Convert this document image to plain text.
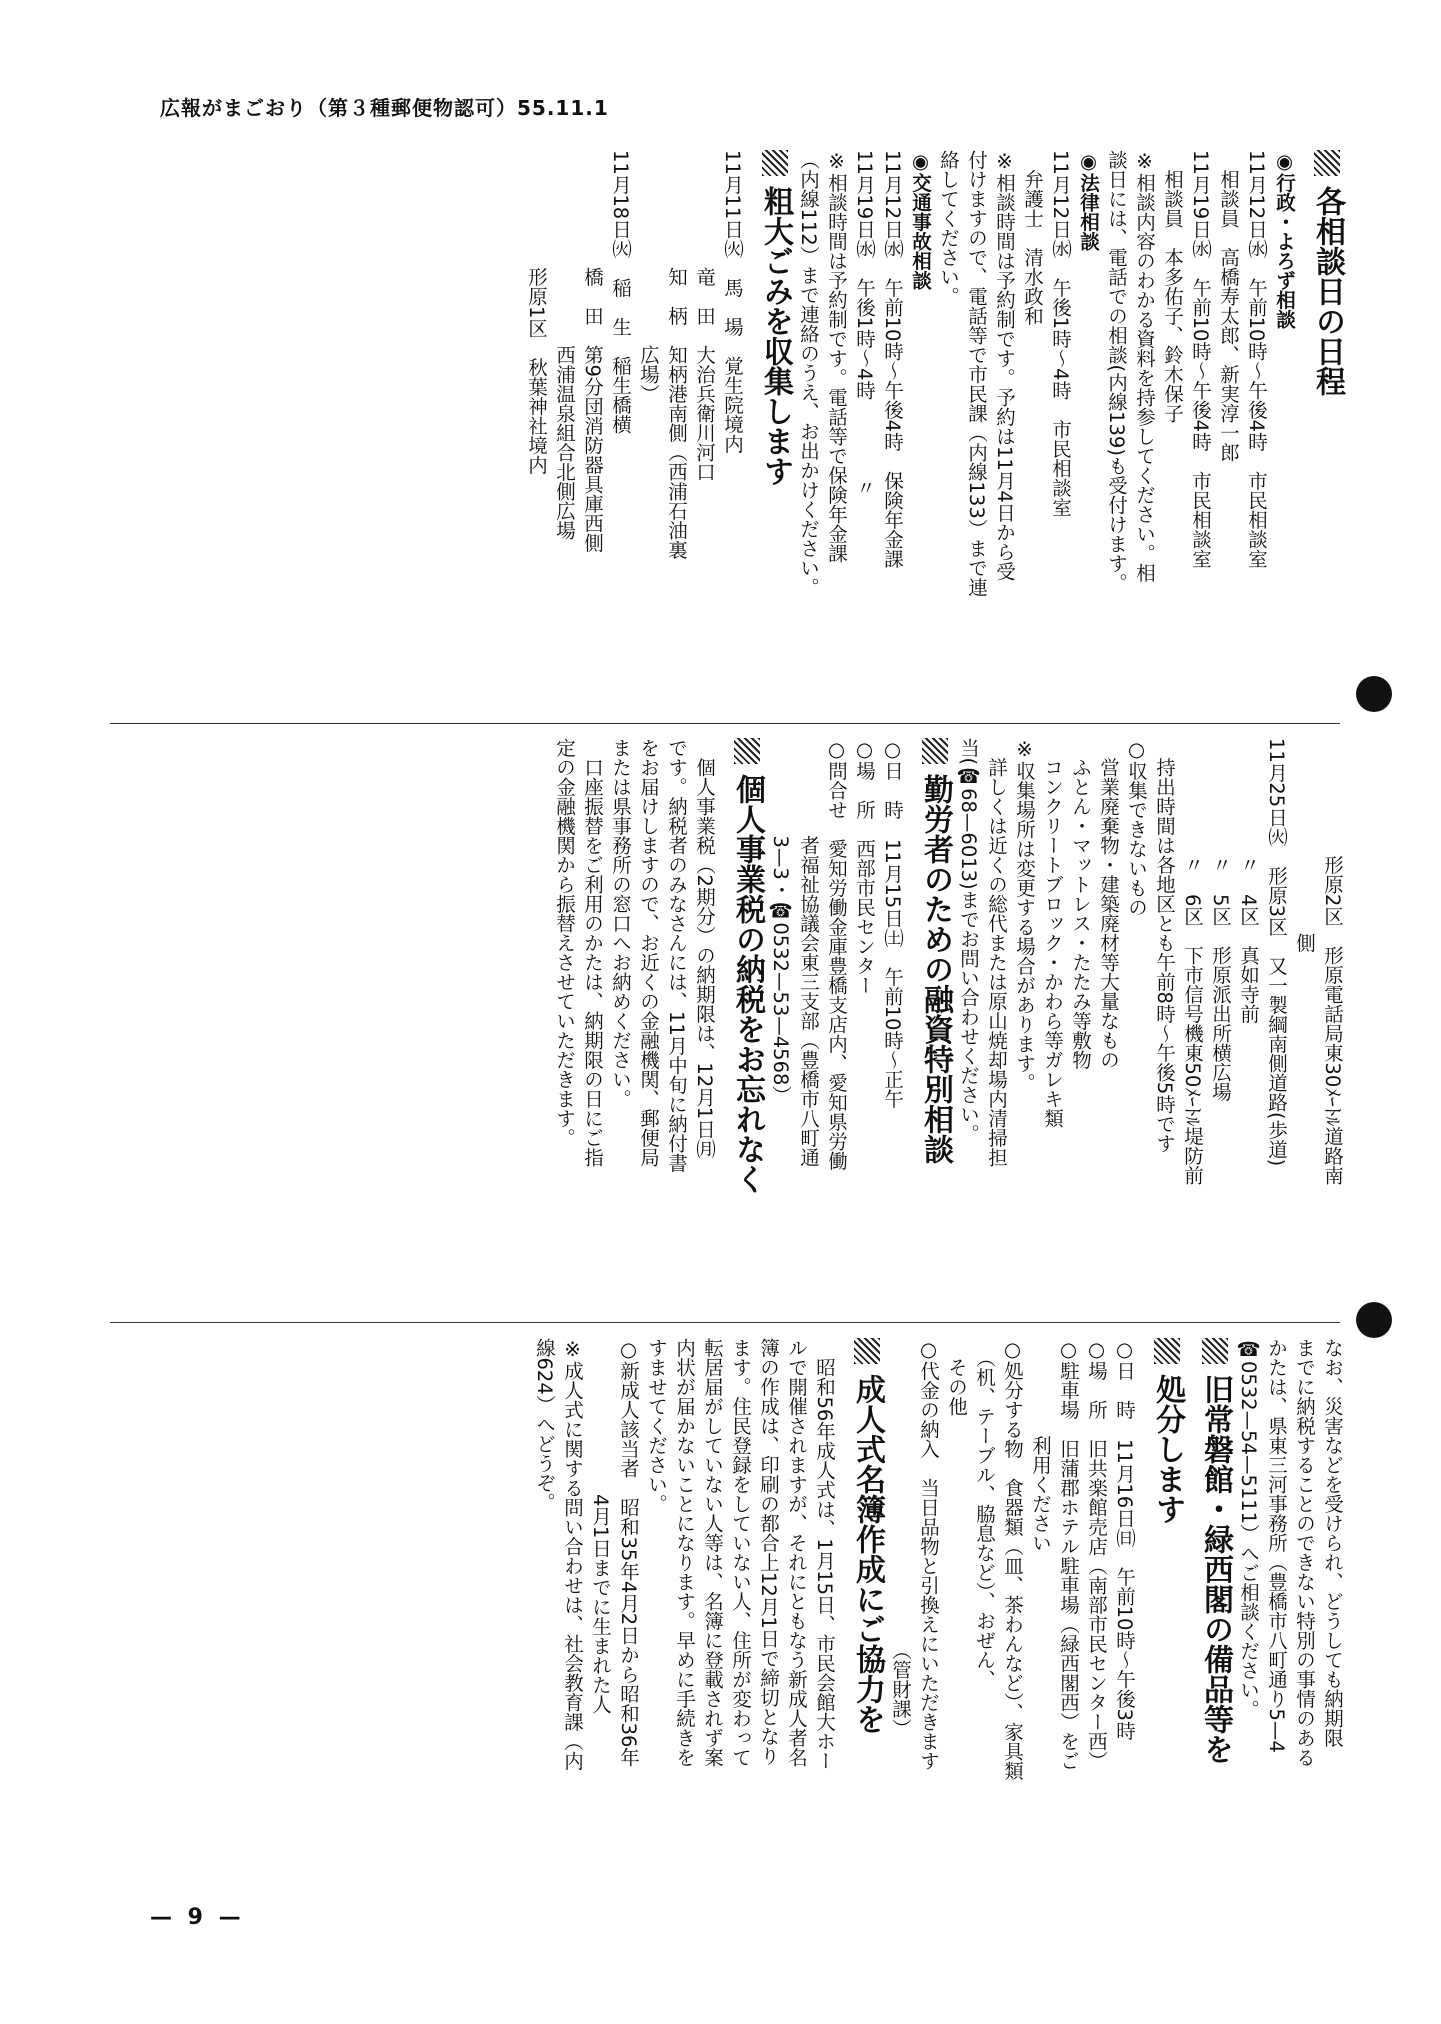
広報がまごおり（第３種郵便物認可）55.11.1
各相談日の日程
◉行政・よろず相談
11月12日㈬　午前10時〜午後4時　市民相談室
　相談員　高橋寿太郎、新実淳一郎
11月19日㈬　午前10時〜午後4時　市民相談室
　相談員　本多佑子、鈴木保子
※相談内容のわかる資料を持参してください。相
談日には、電話での相談(内線139)も受付けます。
◉法律相談
11月12日㈬　午後1時〜4時　市民相談室
　弁護士　清水政和
※相談時間は予約制です。予約は11月4日から受
付けますので、電話等で市民課（内線133）まで連
絡してください。
◉交通事故相談
11月12日㈬　午前10時〜午後4時　保険年金課
11月19日㈬　午後1時〜4時　　　　〃
※相談時間は予約制です。電話等で保険年金課
（内線112）まで連絡のうえ、お出かけください。
粗大ごみを収集します
11月11日㈫　馬　場　覚生院境内
　　　　　　竜　田　大治兵衛川河口
　　　　　　知　柄　知柄港南側（西浦石油裏
　　　　　　　　　　広場）
11月18日㈫　稲　生　稲生橋横
　　　　　　橋　田　第9分団消防器具庫西側
　　　　　　　　　　西浦温泉組合北側広場
　　　　　　形原1区　秋葉神社境内
　　　　　　形原2区　形原電話局東30ﾒｰﾄﾙ道路南
　　　　　　　　　　側
11月25日㈫　形原3区　又一製綱南側道路(歩道)
　　　　　　〃　4区　真如寺前
　　　　　　〃　5区　形原派出所横広場
　　　　　　〃　6区　下市信号機東50ﾒｰﾄﾙ堤防前
　持出時間は各地区とも午前8時〜午後5時です
○収集できないもの
　営業廃棄物・建築廃材等大量なもの
　ふとん・マットレス・たたみ等敷物
　コンクリートブロック・かわら等ガレキ類
※収集場所は変更する場合があります。
　詳しくは近くの総代または原山焼却場内清掃担
当(☎68—6013)までお問い合わせください。
勤労者のための融資特別相談
○日　時　11月15日㈯　午前10時〜正午
○場　所　西部市民センター
○問合せ　愛知労働金庫豊橋支店内、愛知県労働
　　　　　者福祉協議会東三支部（豊橋市八町通
　　　　　3—3・☎0532—53—4568）
個人事業税の納税をお忘れなく
　個人事業税（2期分）の納期限は、12月1日㈪
です。納税者のみなさんには、11月中旬に納付書
をお届けしますので、お近くの金融機関、郵便局
または県事務所の窓口へお納めください。
　口座振替をご利用のかたは、納期限の日にご指
定の金融機関から振替えさせていただきます。
なお、災害などを受けられ、どうしても納期限
までに納税することのできない特別の事情のある
かたは、県東三河事務所（豊橋市八町通り5—4
☎0532—54—5111）へご相談ください。
旧常磐館・緑西閣の備品等を
処分します
○日　時　11月16日㈰　午前10時〜午後3時
○場　所　旧共楽館売店（南部市民センター西）
○駐車場　旧蒲郡ホテル駐車場（緑西閣西）をご
　　　　　利用ください
○処分する物　食器類（皿、茶わんなど）、家具類
　（机、テーブル、脇息など）、おぜん、
　その他
○代金の納入　当日品物と引換えにいただきます
　　　　　　　　　　　　　　　　（管財課）
成人式名簿作成にご協力を
　昭和56年成人式は、1月15日、市民会館大ホー
ルで開催されますが、それにともなう新成人者名
簿の作成は、印刷の都合上12月1日で締切となり
ます。住民登録をしていない人、住所が変わって
転居届がしていない人等は、名簿に登載されず案
内状が届かないことになります。早めに手続きを
すませてください。
○新成人該当者　昭和35年4月2日から昭和36年
　　　　　　　　4月1日までに生まれた人
※成人式に関する問い合わせは、社会教育課（内
線624）へどうぞ。
— 9 —
